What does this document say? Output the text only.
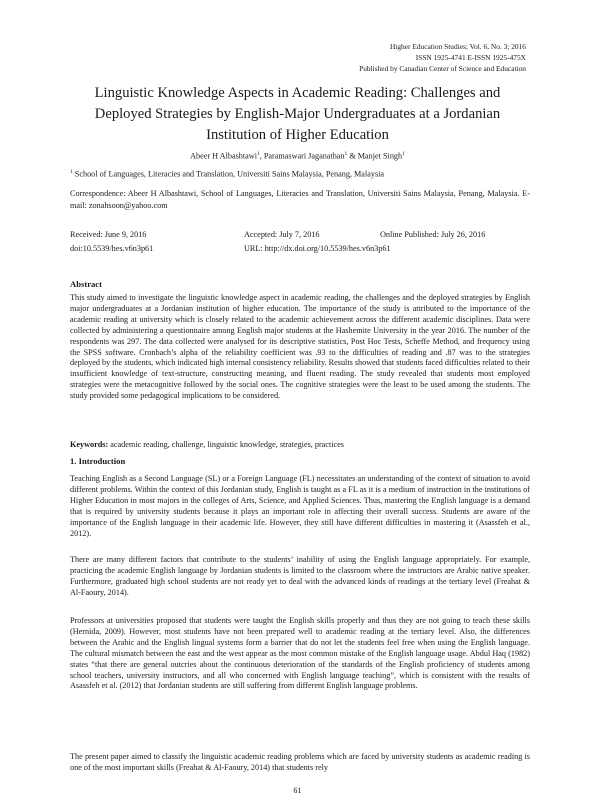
Higher Education Studies; Vol. 6, No. 3; 2016
ISSN 1925-4741 E-ISSN 1925-475X
Published by Canadian Center of Science and Education
Linguistic Knowledge Aspects in Academic Reading: Challenges and Deployed Strategies by English-Major Undergraduates at a Jordanian Institution of Higher Education
Abeer H Albashtawi$^1$, Paramaswari Jaganathan$^1$ & Manjet Singh$^1$
$^1$ School of Languages, Literacies and Translation, Universiti Sains Malaysia, Penang, Malaysia
Correspondence: Abeer H Albashtawi, School of Languages, Literacies and Translation, Universiti Sains Malaysia, Penang, Malaysia. E-mail: zonahsoon@yahoo.com
Received: June 9, 2016	Accepted: July 7, 2016	Online Published: July 26, 2016
doi:10.5539/hes.v6n3p61	URL: http://dx.doi.org/10.5539/hes.v6n3p61
Abstract
This study aimed to investigate the linguistic knowledge aspect in academic reading, the challenges and the deployed strategies by English major undergraduates at a Jordanian institution of higher education. The importance of the study is attributed to the importance of the academic reading at university which is closely related to the academic achievement across the different academic disciplines. Data were collected by administering a questionnaire among English major students at the Hashemite University in the year 2016. The number of the respondents was 297. The data collected were analysed for its descriptive statistics, Post Hoc Tests, Scheffe Method, and frequency using the SPSS software. Cronbach’s alpha of the reliability coefficient was .93 to the difficulties of reading and .87 was to the strategies deployed by the students, which indicated high internal consistency reliability. Results showed that students faced difficulties related to their insufficient knowledge of text-structure, constructing meaning, and fluent reading. The study revealed that students most employed strategies were the metacognitive followed by the social ones. The cognitive strategies were the least to be used among the students. The study provided some pedagogical implications to be considered.
Keywords: academic reading, challenge, linguistic knowledge, strategies, practices
1. Introduction
Teaching English as a Second Language (SL) or a Foreign Language (FL) necessitates an understanding of the context of situation to avoid different problems. Within the context of this Jordanian study, English is taught as a FL as it is a medium of instruction in the institutions of Higher Education in most majors in the colleges of Arts, Science, and Applied Sciences. Thus, mastering the English language is a demand that is required by university students because it plays an important role in affecting their overall success. Students are aware of the importance of the English language in their academic life. However, they still have different difficulties in mastering it (Asassfeh et al., 2012).
There are many different factors that contribute to the students’ inability of using the English language appropriately. For example, practicing the academic English language by Jordanian students is limited to the classroom where the instructors are Arabic native speaker. Furthermore, graduated high school students are not ready yet to deal with the advanced kinds of readings at the tertiary level (Freahat & Al-Faoury, 2014).
Professors at universities proposed that students were taught the English skills properly and thus they are not going to teach these skills (Hernida, 2009). However, most students have not been prepared well to academic reading at the tertiary level. Also, the differences between the Arabic and the English lingual systems form a barrier that do not let the students feel free when using the English language. The cultural mismatch between the east and the west appear as the most common mistake of the English language usage. Abdul Haq (1982) states “that there are general outcries about the continuous deterioration of the standards of the English proficiency of students among school teachers, university instructors, and all who concerned with English language teaching”, which is consistent with the results of Asassfeh et al. (2012) that Jordanian students are still suffering from different English language problems.
The present paper aimed to classify the linguistic academic reading problems which are faced by university students as academic reading is one of the most important skills (Freahat & Al-Faoury, 2014) that students rely
61
